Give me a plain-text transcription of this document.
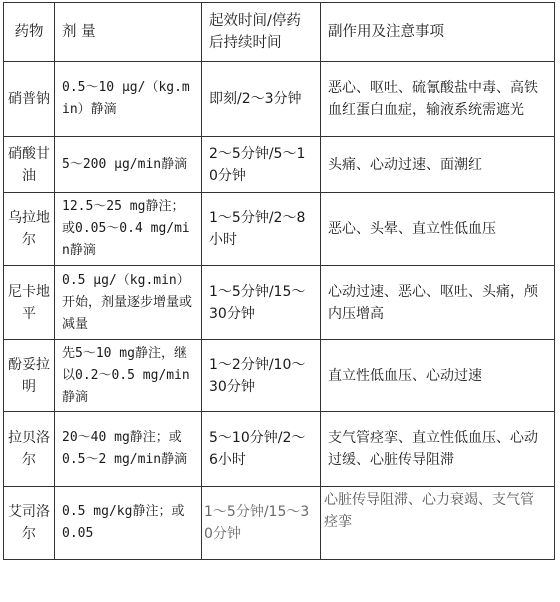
药物	剂 量	起效时间/停药后持续时间	副作用及注意事项
硝普钠	0.5～10 μg/（kg.min）静滴	即刻/2～3分钟	恶心、呕吐、硫氰酸盐中毒、高铁血红蛋白血症，输液系统需遮光
硝酸甘油	5～200 μg/min静滴	2～5分钟/5～10分钟	头痛、心动过速、面潮红
乌拉地尔	12.5～25 mg静注；或0.05～0.4 mg/min静滴	1～5分钟/2～8小时	恶心、头晕、直立性低血压
尼卡地平	0.5 μg/（kg.min）开始，剂量逐步增量或减量	1～5分钟/15～30分钟	心动过速、恶心、呕吐、头痛，颅内压增高
酚妥拉明	先5～10 mg静注，继以0.2～0.5 mg/min静滴	1～2分钟/10～30分钟	直立性低血压、心动过速
拉贝洛尔	20～40 mg静注；或0.5～2 mg/min静滴	5～10分钟/2～6小时	支气管痉挛、直立性低血压、心动过缓、心脏传导阻滞
艾司洛尔	0.5 mg/kg静注；或0.05	1～5分钟/15～30分钟	心脏传导阻滞、心力衰竭、支气管痉挛
